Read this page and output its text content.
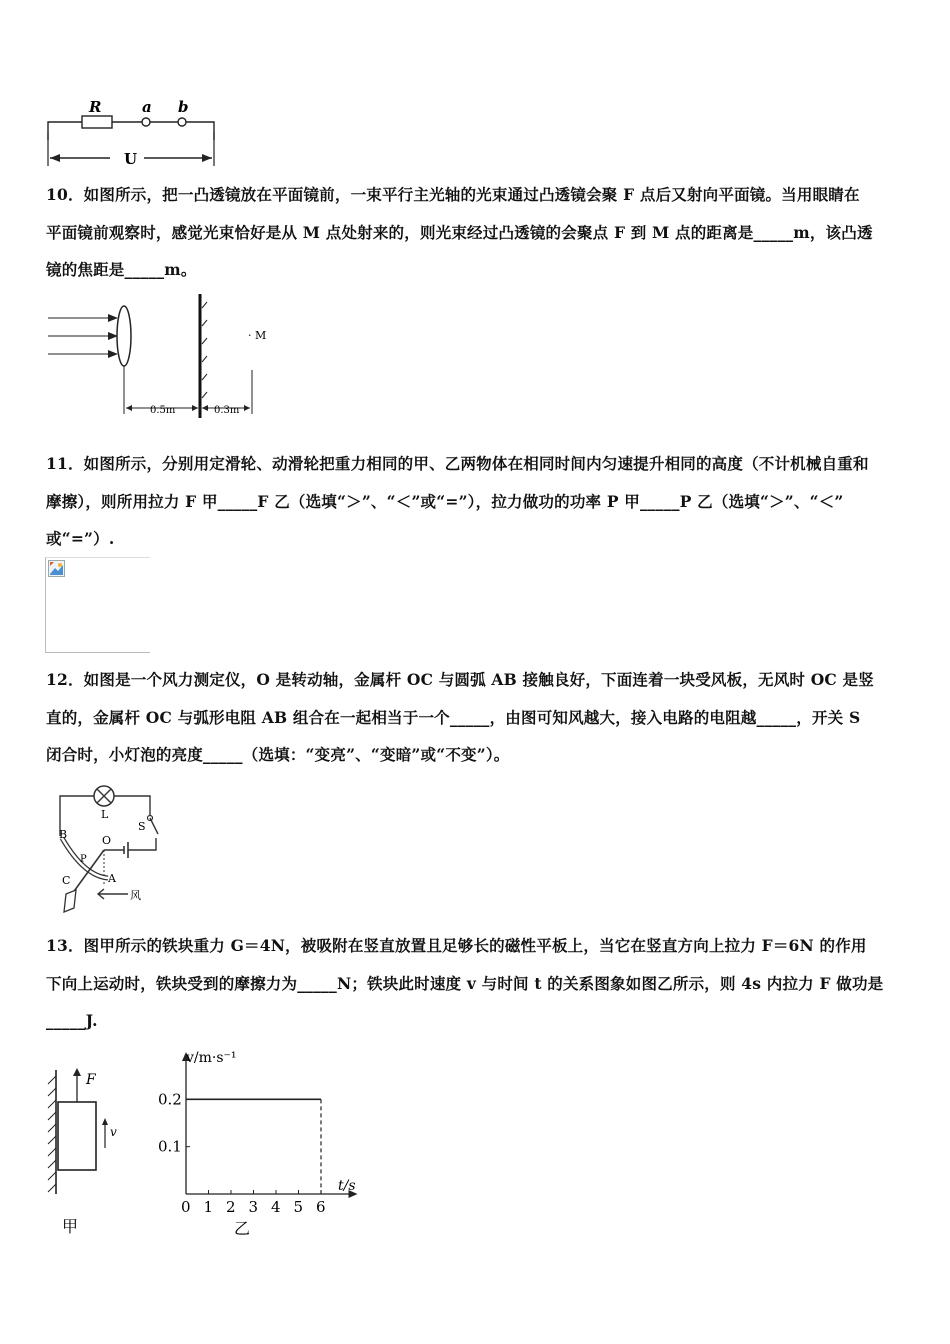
R	a b
U
10．如图所示，把一凸透镜放在平面镜前，一束平行主光轴的光束通过凸透镜会聚 F 点后又射向平面镜。当用眼睛在
平面镜前观察时，感觉光束恰好是从 M 点处射来的，则光束经过凸透镜的会聚点 F 到 M 点的距离是_____m，该凸透
镜的焦距是_____m。
· M
0.5m	0.3m
11．如图所示，分别用定滑轮、动滑轮把重力相同的甲、乙两物体在相同时间内匀速提升相同的高度（不计机械自重和
摩擦），则所用拉力 F 甲_____F 乙（选填“＞”、“＜”或“=”），拉力做功的功率 P 甲_____P 乙（选填“＞”、“＜”
或“=”）.
12．如图是一个风力测定仪，O 是转动轴，金属杆 OC 与圆弧 AB 接触良好，下面连着一块受风板，无风时 OC 是竖
直的，金属杆 OC 与弧形电阻 AB 组合在一起相当于一个_____，由图可知风越大，接入电路的电阻越_____，开关 S
闭合时，小灯泡的亮度_____（选填：“变亮”、“变暗”或“不变”）。
L
S
O
B
P
C	A
风
13．图甲所示的铁块重力 G＝4N，被吸附在竖直放置且足够长的磁性平板上，当它在竖直方向上拉力 F＝6N 的作用
下向上运动时，铁块受到的摩擦力为_____N；铁块此时速度 v 与时间 t 的关系图象如图乙所示，则 4s 内拉力 F 做功是
_____J.
F
v
甲
0 1 2 3 4 5 6
0.1
0.2
v/m·s⁻¹
t/s
乙
